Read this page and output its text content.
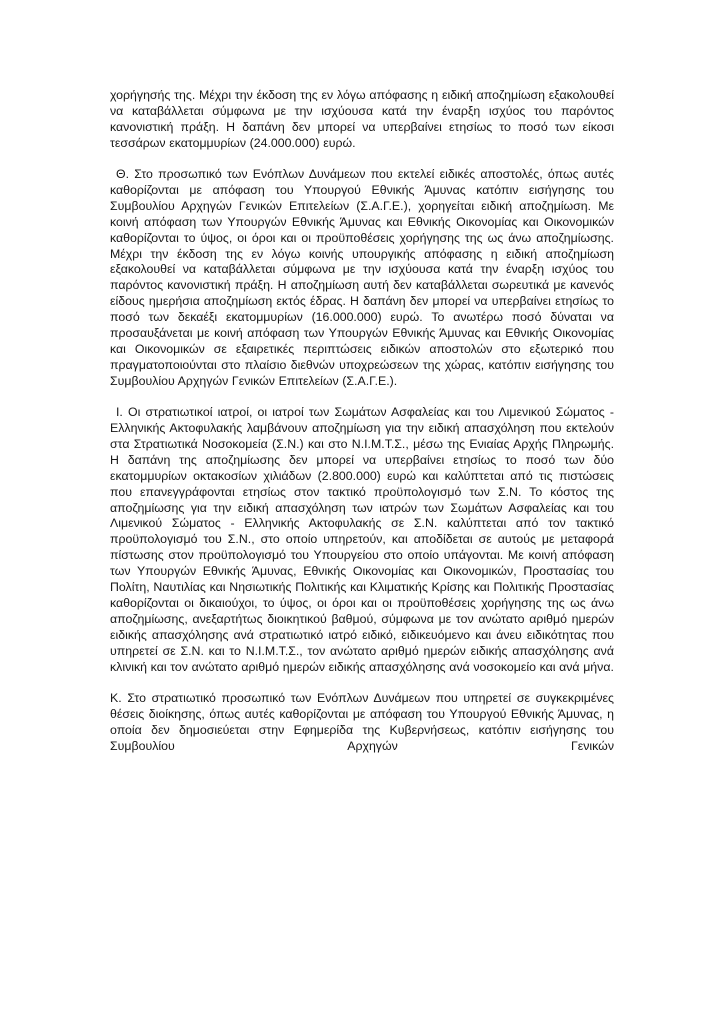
χορήγησής της. Μέχρι την έκδοση της εν λόγω απόφασης η ειδική αποζημίωση εξακολουθεί να καταβάλλεται σύμφωνα με την ισχύουσα κατά την έναρξη ισχύος του παρόντος κανονιστική πράξη. Η δαπάνη δεν μπορεί να υπερβαίνει ετησίως το ποσό των είκοσι τεσσάρων εκατομμυρίων (24.000.000) ευρώ.

Θ. Στο προσωπικό των Ενόπλων Δυνάμεων που εκτελεί ειδικές αποστολές, όπως αυτές καθορίζονται με απόφαση του Υπουργού Εθνικής Άμυνας κατόπιν εισήγησης του Συμβουλίου Αρχηγών Γενικών Επιτελείων (Σ.Α.Γ.Ε.), χορηγείται ειδική αποζημίωση. Με κοινή απόφαση των Υπουργών Εθνικής Άμυνας και Εθνικής Οικονομίας και Οικονομικών καθορίζονται το ύψος, οι όροι και οι προϋποθέσεις χορήγησης της ως άνω αποζημίωσης. Μέχρι την έκδοση της εν λόγω κοινής υπουργικής απόφασης η ειδική αποζημίωση εξακολουθεί να καταβάλλεται σύμφωνα με την ισχύουσα κατά την έναρξη ισχύος του παρόντος κανονιστική πράξη. Η αποζημίωση αυτή δεν καταβάλλεται σωρευτικά με κανενός είδους ημερήσια αποζημίωση εκτός έδρας. Η δαπάνη δεν μπορεί να υπερβαίνει ετησίως το ποσό των δεκαέξι εκατομμυρίων (16.000.000) ευρώ. Το ανωτέρω ποσό δύναται να προσαυξάνεται με κοινή απόφαση των Υπουργών Εθνικής Άμυνας και Εθνικής Οικονομίας και Οικονομικών σε εξαιρετικές περιπτώσεις ειδικών αποστολών στο εξωτερικό που πραγματοποιούνται στο πλαίσιο διεθνών υποχρεώσεων της χώρας, κατόπιν εισήγησης του Συμβουλίου Αρχηγών Γενικών Επιτελείων (Σ.Α.Γ.Ε.).

Ι. Οι στρατιωτικοί ιατροί, οι ιατροί των Σωμάτων Ασφαλείας και του Λιμενικού Σώματος - Ελληνικής Ακτοφυλακής λαμβάνουν αποζημίωση για την ειδική απασχόληση που εκτελούν στα Στρατιωτικά Νοσοκομεία (Σ.Ν.) και στο Ν.Ι.Μ.Τ.Σ., μέσω της Ενιαίας Αρχής Πληρωμής. Η δαπάνη της αποζημίωσης δεν μπορεί να υπερβαίνει ετησίως το ποσό των δύο εκατομμυρίων οκτακοσίων χιλιάδων (2.800.000) ευρώ και καλύπτεται από τις πιστώσεις που επανεγγράφονται ετησίως στον τακτικό προϋπολογισμό των Σ.Ν. Το κόστος της αποζημίωσης για την ειδική απασχόληση των ιατρών των Σωμάτων Ασφαλείας και του Λιμενικού Σώματος - Ελληνικής Ακτοφυλακής σε Σ.Ν. καλύπτεται από τον τακτικό προϋπολογισμό του Σ.Ν., στο οποίο υπηρετούν, και αποδίδεται σε αυτούς με μεταφορά πίστωσης στον προϋπολογισμό του Υπουργείου στο οποίο υπάγονται. Με κοινή απόφαση των Υπουργών Εθνικής Άμυνας, Εθνικής Οικονομίας και Οικονομικών, Προστασίας του Πολίτη, Ναυτιλίας και Νησιωτικής Πολιτικής και Κλιματικής Κρίσης και Πολιτικής Προστασίας καθορίζονται οι δικαιούχοι, το ύψος, οι όροι και οι προϋποθέσεις χορήγησης της ως άνω αποζημίωσης, ανεξαρτήτως διοικητικού βαθμού, σύμφωνα με τον ανώτατο αριθμό ημερών ειδικής απασχόλησης ανά στρατιωτικό ιατρό ειδικό, ειδικευόμενο και άνευ ειδικότητας που υπηρετεί σε Σ.Ν. και το Ν.Ι.Μ.Τ.Σ., τον ανώτατο αριθμό ημερών ειδικής απασχόλησης ανά κλινική και τον ανώτατο αριθμό ημερών ειδικής απασχόλησης ανά νοσοκομείο και ανά μήνα.

Κ. Στο στρατιωτικό προσωπικό των Ενόπλων Δυνάμεων που υπηρετεί σε συγκεκριμένες θέσεις διοίκησης, όπως αυτές καθορίζονται με απόφαση του Υπουργού Εθνικής Άμυνας, η οποία δεν δημοσιεύεται στην Εφημερίδα της Κυβερνήσεως, κατόπιν εισήγησης του Συμβουλίου Αρχηγών Γενικών
